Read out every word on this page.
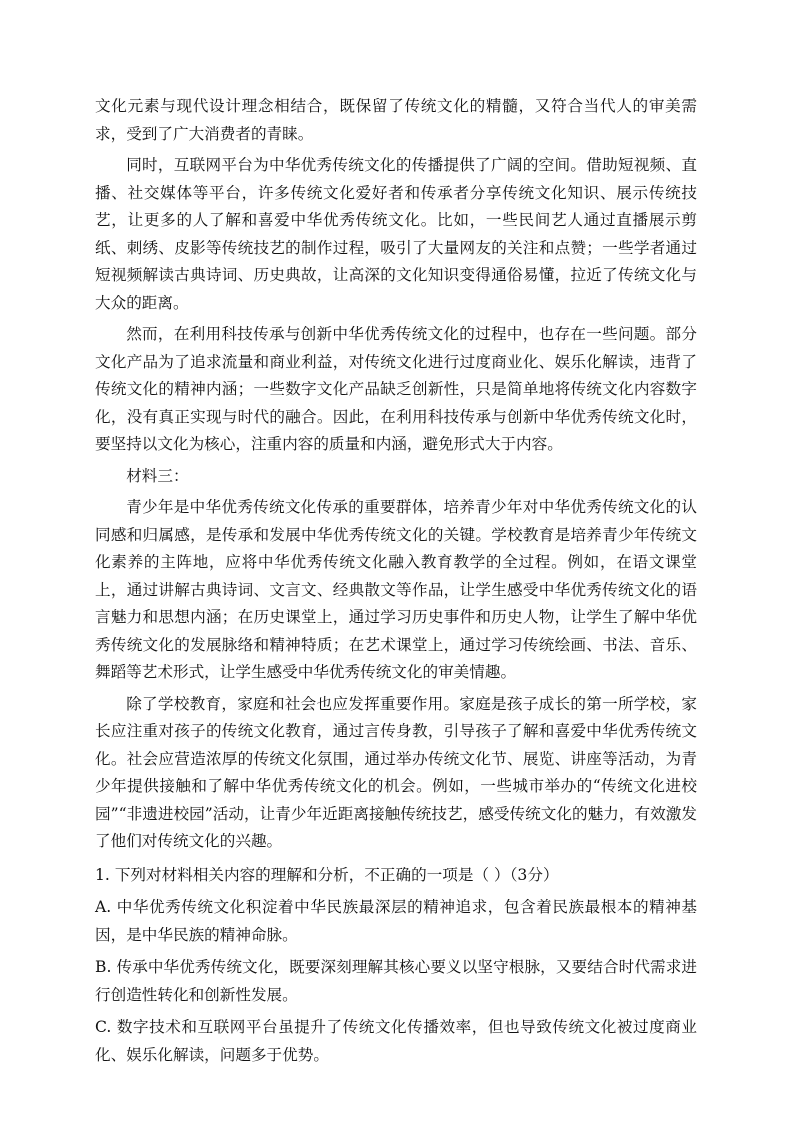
文化元素与现代设计理念相结合，既保留了传统文化的精髓，又符合当代人的审美需求，受到了广大消费者的青睐。

同时，互联网平台为中华优秀传统文化的传播提供了广阔的空间。借助短视频、直播、社交媒体等平台，许多传统文化爱好者和传承者分享传统文化知识、展示传统技艺，让更多的人了解和喜爱中华优秀传统文化。比如，一些民间艺人通过直播展示剪纸、刺绣、皮影等传统技艺的制作过程，吸引了大量网友的关注和点赞；一些学者通过短视频解读古典诗词、历史典故，让高深的文化知识变得通俗易懂，拉近了传统文化与大众的距离。

然而，在利用科技传承与创新中华优秀传统文化的过程中，也存在一些问题。部分文化产品为了追求流量和商业利益，对传统文化进行过度商业化、娱乐化解读，违背了传统文化的精神内涵；一些数字文化产品缺乏创新性，只是简单地将传统文化内容数字化，没有真正实现与时代的融合。因此，在利用科技传承与创新中华优秀传统文化时，要坚持以文化为核心，注重内容的质量和内涵，避免形式大于内容。

材料三：

青少年是中华优秀传统文化传承的重要群体，培养青少年对中华优秀传统文化的认同感和归属感，是传承和发展中华优秀传统文化的关键。学校教育是培养青少年传统文化素养的主阵地，应将中华优秀传统文化融入教育教学的全过程。例如，在语文课堂上，通过讲解古典诗词、文言文、经典散文等作品，让学生感受中华优秀传统文化的语言魅力和思想内涵；在历史课堂上，通过学习历史事件和历史人物，让学生了解中华优秀传统文化的发展脉络和精神特质；在艺术课堂上，通过学习传统绘画、书法、音乐、舞蹈等艺术形式，让学生感受中华优秀传统文化的审美情趣。

除了学校教育，家庭和社会也应发挥重要作用。家庭是孩子成长的第一所学校，家长应注重对孩子的传统文化教育，通过言传身教，引导孩子了解和喜爱中华优秀传统文化。社会应营造浓厚的传统文化氛围，通过举办传统文化节、展览、讲座等活动，为青少年提供接触和了解中华优秀传统文化的机会。例如，一些城市举办的“传统文化进校园”“非遗进校园”活动，让青少年近距离接触传统技艺，感受传统文化的魅力，有效激发了他们对传统文化的兴趣。

1. 下列对材料相关内容的理解和分析，不正确的一项是（ ）（3分）

A. 中华优秀传统文化积淀着中华民族最深层的精神追求，包含着民族最根本的精神基因，是中华民族的精神命脉。

B. 传承中华优秀传统文化，既要深刻理解其核心要义以坚守根脉，又要结合时代需求进行创造性转化和创新性发展。

C. 数字技术和互联网平台虽提升了传统文化传播效率，但也导致传统文化被过度商业化、娱乐化解读，问题多于优势。
